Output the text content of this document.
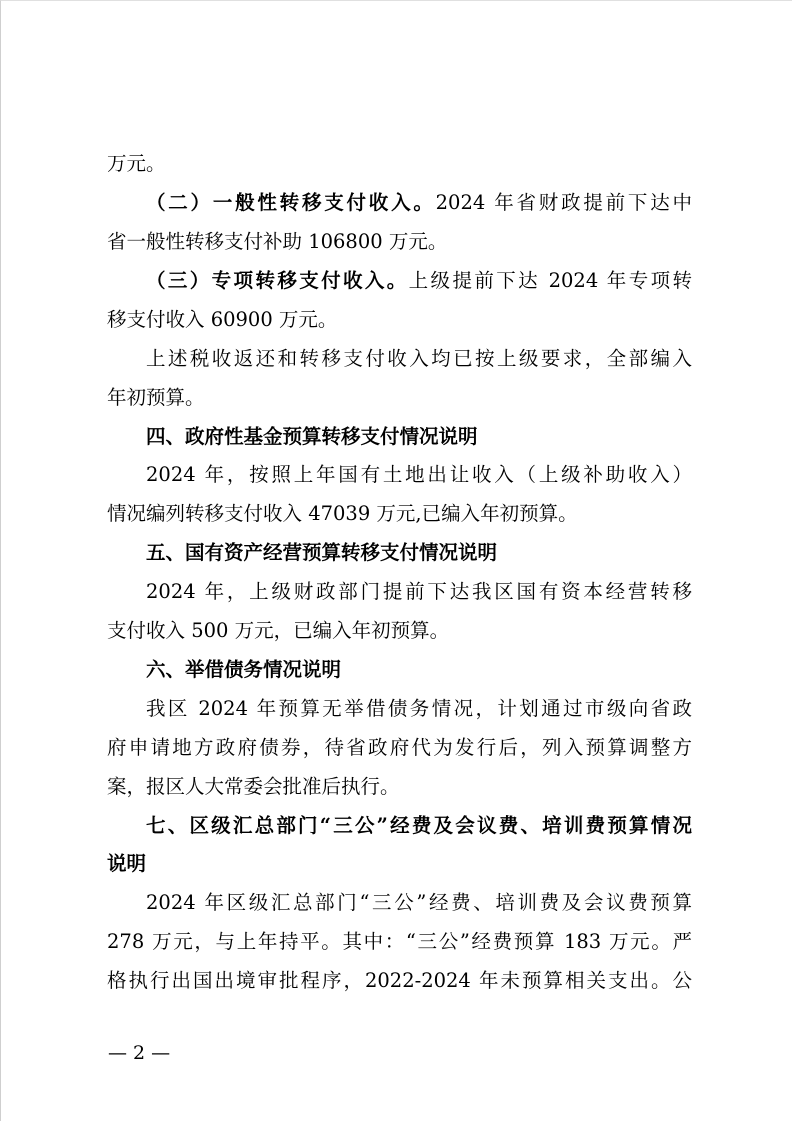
万元。
（二）一般性转移支付收入。2024 年省财政提前下达中
省一般性转移支付补助 106800 万元。
（三）专项转移支付收入。上级提前下达 2024 年专项转
移支付收入 60900 万元。
上述税收返还和转移支付收入均已按上级要求，全部编入
年初预算。
四、政府性基金预算转移支付情况说明
2024 年，按照上年国有土地出让收入（上级补助收入）
情况编列转移支付收入 47039 万元,已编入年初预算。
五、国有资产经营预算转移支付情况说明
2024 年，上级财政部门提前下达我区国有资本经营转移
支付收入 500 万元，已编入年初预算。
六、举借债务情况说明
我区 2024 年预算无举借债务情况，计划通过市级向省政
府申请地方政府债券，待省政府代为发行后，列入预算调整方
案，报区人大常委会批准后执行。
七、区级汇总部门“三公”经费及会议费、培训费预算情况
说明
2024 年区级汇总部门“三公”经费、培训费及会议费预算
278 万元，与上年持平。其中：“三公”经费预算 183 万元。严
格执行出国出境审批程序，2022-2024 年未预算相关支出。公
— 2 —
